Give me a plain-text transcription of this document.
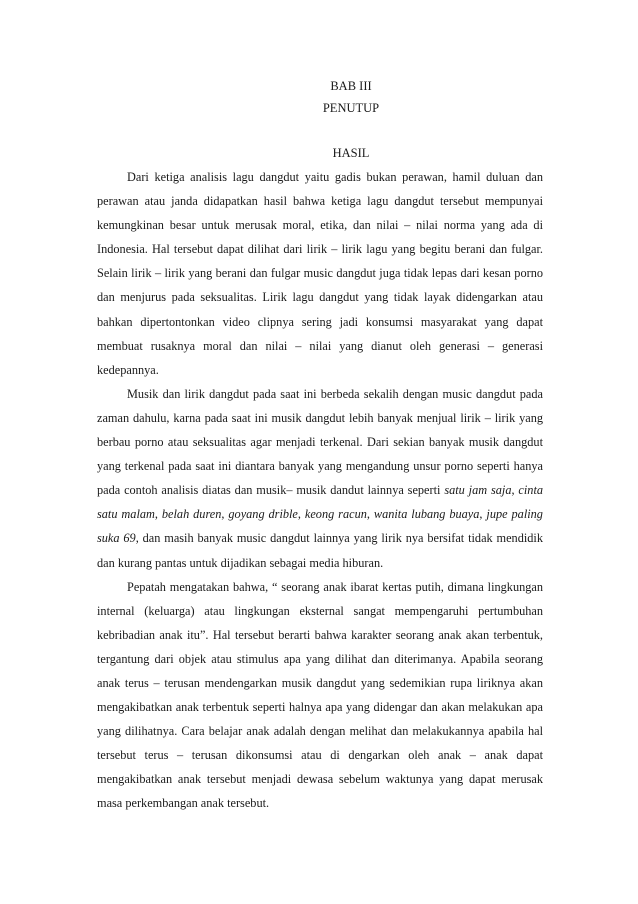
BAB III

PENUTUP

HASIL

Dari ketiga analisis lagu dangdut yaitu gadis bukan perawan, hamil duluan dan perawan atau janda didapatkan hasil bahwa ketiga lagu dangdut tersebut mempunyai kemungkinan besar untuk merusak moral, etika, dan nilai – nilai norma yang ada di Indonesia. Hal tersebut dapat dilihat dari lirik – lirik lagu yang begitu berani dan fulgar. Selain lirik – lirik yang berani dan fulgar music dangdut juga tidak lepas dari kesan porno dan menjurus pada seksualitas. Lirik lagu dangdut yang tidak layak didengarkan atau bahkan dipertontonkan video clipnya sering jadi konsumsi masyarakat yang dapat membuat rusaknya moral dan nilai – nilai yang dianut oleh generasi – generasi kedepannya.

Musik dan lirik dangdut pada saat ini berbeda sekalih dengan music dangdut pada zaman dahulu, karna pada saat ini musik dangdut lebih banyak menjual lirik – lirik yang berbau porno atau seksualitas agar menjadi terkenal. Dari sekian banyak musik dangdut yang terkenal pada saat ini diantara banyak yang mengandung unsur porno seperti hanya pada contoh analisis diatas dan musik– musik dandut lainnya seperti satu jam saja, cinta satu malam, belah duren, goyang drible, keong racun, wanita lubang buaya, jupe paling suka 69, dan masih banyak music dangdut lainnya yang lirik nya bersifat tidak mendidik dan kurang pantas untuk dijadikan sebagai media hiburan.

Pepatah mengatakan bahwa, “ seorang anak ibarat kertas putih, dimana lingkungan internal (keluarga) atau lingkungan eksternal sangat mempengaruhi pertumbuhan kebribadian anak itu”. Hal tersebut berarti bahwa karakter seorang anak akan terbentuk, tergantung dari objek atau stimulus apa yang dilihat dan diterimanya. Apabila seorang anak terus – terusan mendengarkan musik dangdut yang sedemikian rupa liriknya akan mengakibatkan anak terbentuk seperti halnya apa yang didengar dan akan melakukan apa yang dilihatnya. Cara belajar anak adalah dengan melihat dan melakukannya apabila hal tersebut terus – terusan dikonsumsi atau di dengarkan oleh anak – anak dapat mengakibatkan anak tersebut menjadi dewasa sebelum waktunya yang dapat merusak masa perkembangan anak tersebut.
